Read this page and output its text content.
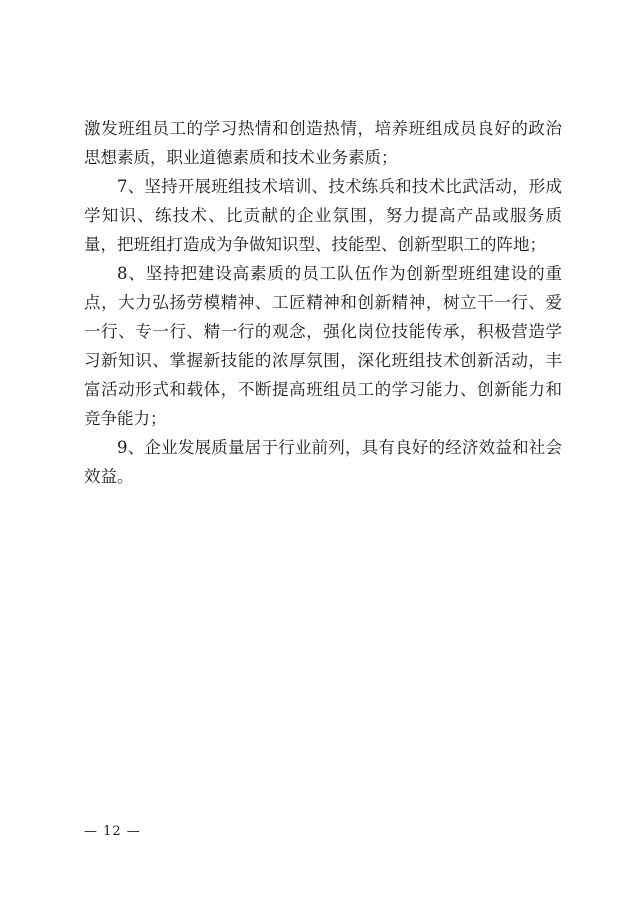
激发班组员工的学习热情和创造热情，培养班组成员良好的政治思想素质，职业道德素质和技术业务素质；

7、坚持开展班组技术培训、技术练兵和技术比武活动，形成学知识、练技术、比贡献的企业氛围，努力提高产品或服务质量，把班组打造成为争做知识型、技能型、创新型职工的阵地；

8、坚持把建设高素质的员工队伍作为创新型班组建设的重点，大力弘扬劳模精神、工匠精神和创新精神，树立干一行、爱一行、专一行、精一行的观念，强化岗位技能传承，积极营造学习新知识、掌握新技能的浓厚氛围，深化班组技术创新活动，丰富活动形式和载体，不断提高班组员工的学习能力、创新能力和竞争能力；

9、企业发展质量居于行业前列，具有良好的经济效益和社会效益。

— 12 —
